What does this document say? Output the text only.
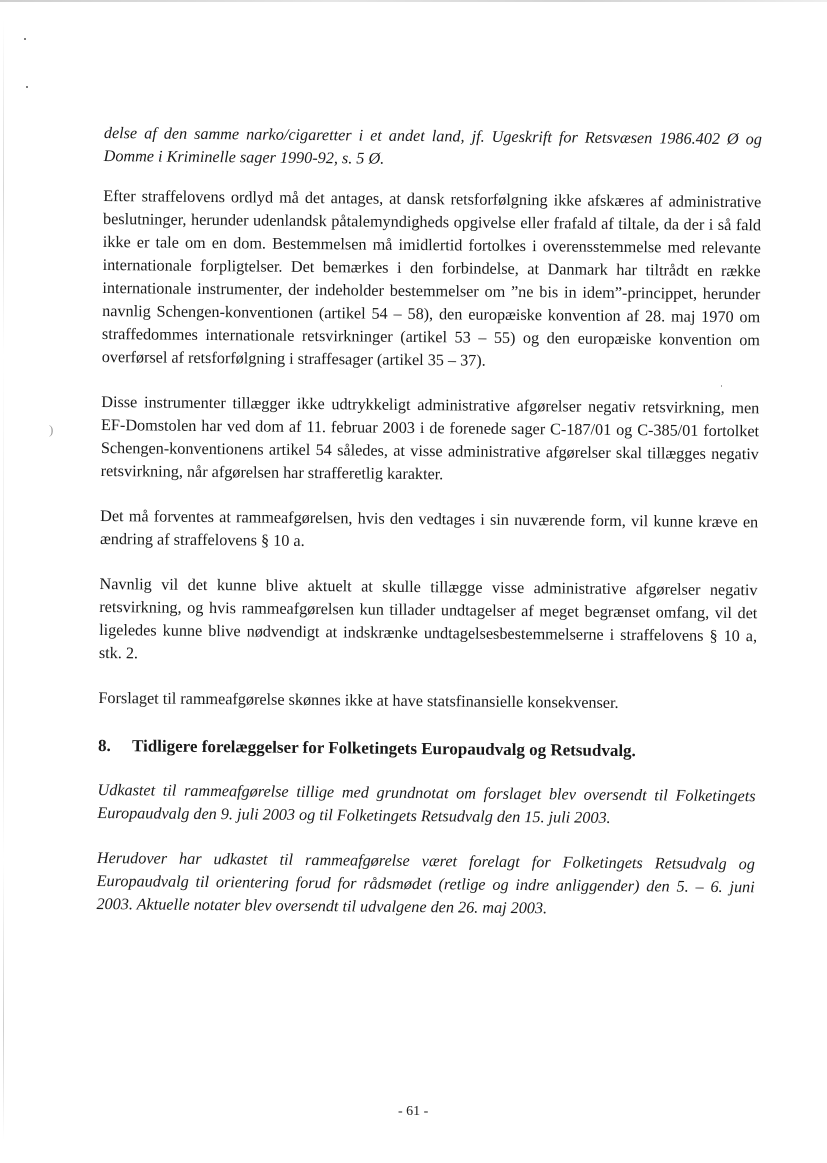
)

delse af den samme narko/cigaretter i et andet land, jf. Ugeskrift for Retsvæsen 1986.402 Ø og Domme i Kriminelle sager 1990-92, s. 5 Ø.

Efter straffelovens ordlyd må det antages, at dansk retsforfølgning ikke afskæres af administrative beslutninger, herunder udenlandsk påtalemyndigheds opgivelse eller frafald af tiltale, da der i så fald ikke er tale om en dom. Bestemmelsen må imidlertid fortolkes i overensstemmelse med relevante internationale forpligtelser. Det bemærkes i den forbindelse, at Danmark har tiltrådt en række internationale instrumenter, der indeholder bestemmelser om ”ne bis in idem”-princippet, herunder navnlig Schengen-konventionen (artikel 54 – 58), den europæiske konvention af 28. maj 1970 om straffedommes internationale retsvirkninger (artikel 53 – 55) og den europæiske konvention om overførsel af retsforfølgning i straffesager (artikel 35 – 37).

Disse instrumenter tillægger ikke udtrykkeligt administrative afgørelser negativ retsvirkning, men EF-Domstolen har ved dom af 11. februar 2003 i de forenede sager C-187/01 og C-385/01 fortolket Schengen-konventionens artikel 54 således, at visse administrative afgørelser skal tillægges negativ retsvirkning, når afgørelsen har strafferetlig karakter.

Det må forventes at rammeafgørelsen, hvis den vedtages i sin nuværende form, vil kunne kræve en ændring af straffelovens § 10 a.

Navnlig vil det kunne blive aktuelt at skulle tillægge visse administrative afgørelser negativ retsvirkning, og hvis rammeafgørelsen kun tillader undtagelser af meget begrænset omfang, vil det ligeledes kunne blive nødvendigt at indskrænke undtagelsesbestemmelserne i straffelovens § 10 a, stk. 2.

Forslaget til rammeafgørelse skønnes ikke at have statsfinansielle konsekvenser.

8.	Tidligere forelæggelser for Folketingets Europaudvalg og Retsudvalg.

Udkastet til rammeafgørelse tillige med grundnotat om forslaget blev oversendt til Folketingets Europaudvalg den 9. juli 2003 og til Folketingets Retsudvalg den 15. juli 2003.

Herudover har udkastet til rammeafgørelse været forelagt for Folketingets Retsudvalg og Europaudvalg til orientering forud for rådsmødet (retlige og indre anliggender) den 5. – 6. juni 2003. Aktuelle notater blev oversendt til udvalgene den 26. maj 2003.

- 61 -
